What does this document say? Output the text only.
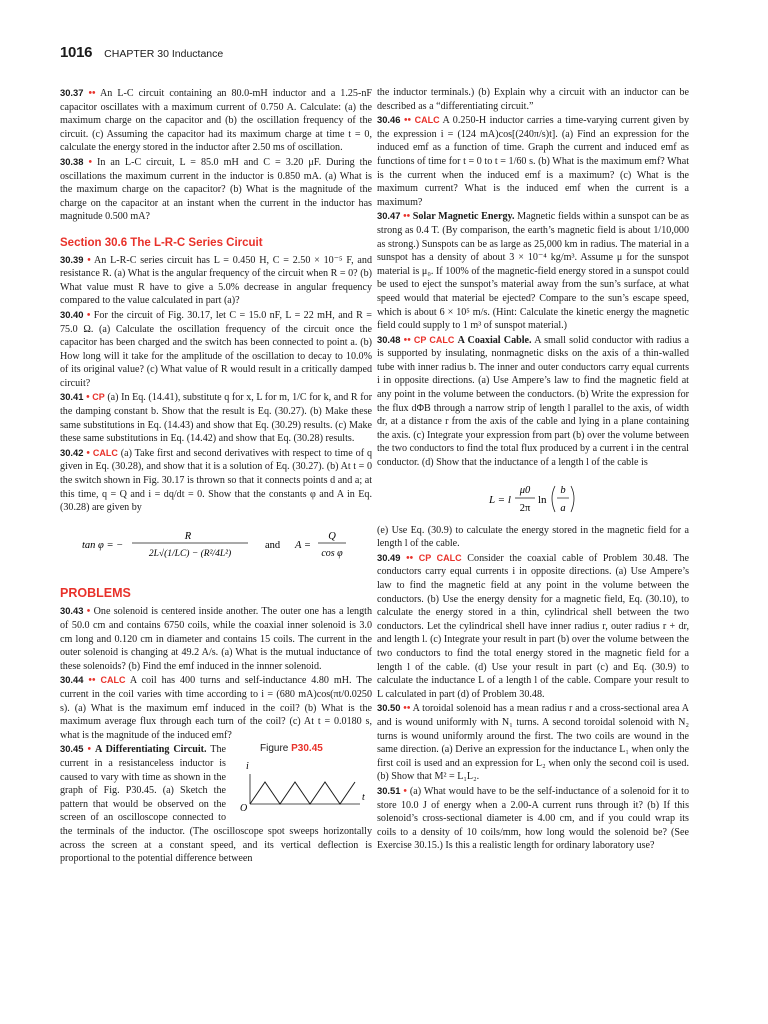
1016 CHAPTER 30 Inductance

30.37 •• An L-C circuit containing an 80.0-mH inductor and a 1.25-nF capacitor oscillates with a maximum current of 0.750 A. Calculate: (a) the maximum charge on the capacitor and (b) the oscillation frequency of the circuit. (c) Assuming the capacitor had its maximum charge at time t = 0, calculate the energy stored in the inductor after 2.50 ms of oscillation.

30.38 • In an L-C circuit, L = 85.0 mH and C = 3.20 μF. During the oscillations the maximum current in the inductor is 0.850 mA. (a) What is the maximum charge on the capacitor? (b) What is the magnitude of the charge on the capacitor at an instant when the current in the inductor has magnitude 0.500 mA?

Section 30.6 The L-R-C Series Circuit

30.39 • An L-R-C series circuit has L = 0.450 H, C = 2.50 × 10⁻⁵ F, and resistance R. (a) What is the angular frequency of the circuit when R = 0? (b) What value must R have to give a 5.0% decrease in angular frequency compared to the value calculated in part (a)?

30.40 • For the circuit of Fig. 30.17, let C = 15.0 nF, L = 22 mH, and R = 75.0 Ω. (a) Calculate the oscillation frequency of the circuit once the capacitor has been charged and the switch has been connected to point a. (b) How long will it take for the amplitude of the oscillation to decay to 10.0% of its original value? (c) What value of R would result in a critically damped circuit?

30.41 • CP (a) In Eq. (14.41), substitute q for x, L for m, 1/C for k, and R for the damping constant b. Show that the result is Eq. (30.27). (b) Make these same substitutions in Eq. (14.43) and show that Eq. (30.29) results. (c) Make these same substitutions in Eq. (14.42) and show that Eq. (30.28) results.

30.42 • CALC (a) Take first and second derivatives with respect to time of q given in Eq. (30.28), and show that it is a solution of Eq. (30.27). (b) At t = 0 the switch shown in Fig. 30.17 is thrown so that it connects points d and a; at this time, q = Q and i = dq/dt = 0. Show that the constants φ and A in Eq. (30.28) are given by

tan φ = −
R
2L√(1/LC) − (R²/4L²)
and A =
Q
cos φ
PROBLEMS

30.43 • One solenoid is centered inside another. The outer one has a length of 50.0 cm and contains 6750 coils, while the coaxial inner solenoid is 3.0 cm long and 0.120 cm in diameter and contains 15 coils. The current in the outer solenoid is changing at 49.2 A/s. (a) What is the mutual inductance of these solenoids? (b) Find the emf induced in the innner solenoid.

30.44 •• CALC A coil has 400 turns and self-inductance 4.80 mH. The current in the coil varies with time according to i = (680 mA)cos(πt/0.0250 s). (a) What is the maximum emf induced in the coil? (b) What is the maximum average flux through each turn of the coil? (c) At t = 0.0180 s, what is the magnitude of the induced emf?

Figure P30.45
i
O
t

30.45 • A Differentiating Circuit. The current in a resistanceless inductor is caused to vary with time as shown in the graph of Fig. P30.45. (a) Sketch the pattern that would be observed on the screen of an oscilloscope connected to the terminals of the inductor. (The oscilloscope spot sweeps horizontally across the screen at a constant speed, and its vertical deflection is proportional to the potential difference between

the inductor terminals.) (b) Explain why a circuit with an inductor can be described as a “differentiating circuit.”

30.46 •• CALC A 0.250-H inductor carries a time-varying current given by the expression i = (124 mA)cos[(240π/s)t]. (a) Find an expression for the induced emf as a function of time. Graph the current and induced emf as functions of time for t = 0 to t = 1/60 s. (b) What is the maximum emf? What is the current when the induced emf is a maximum? (c) What is the maximum current? What is the induced emf when the current is a maximum?

30.47 •• Solar Magnetic Energy. Magnetic fields within a sunspot can be as strong as 0.4 T. (By comparison, the earth’s magnetic field is about 1/10,000 as strong.) Sunspots can be as large as 25,000 km in radius. The material in a sunspot has a density of about 3 × 10⁻⁴ kg/m³. Assume μ for the sunspot material is μ₀. If 100% of the magnetic-field energy stored in a sunspot could be used to eject the sunspot’s material away from the sun’s surface, at what speed would that material be ejected? Compare to the sun’s escape speed, which is about 6 × 10⁵ m/s. (Hint: Calculate the kinetic energy the magnetic field could supply to 1 m³ of sunspot material.)

30.48 •• CP CALC A Coaxial Cable. A small solid conductor with radius a is supported by insulating, nonmagnetic disks on the axis of a thin-walled tube with inner radius b. The inner and outer conductors carry equal currents i in opposite directions. (a) Use Ampere’s law to find the magnetic field at any point in the volume between the conductors. (b) Write the expression for the flux dΦB through a narrow strip of length l parallel to the axis, of width dr, at a distance r from the axis of the cable and lying in a plane containing the axis. (c) Integrate your expression from part (b) over the volume between the two conductors to find the total flux produced by a current i in the central conductor. (d) Show that the inductance of a length l of the cable is

L = l
μ0
2π
ln
b
a

(e) Use Eq. (30.9) to calculate the energy stored in the magnetic field for a length l of the cable.

30.49 •• CP CALC Consider the coaxial cable of Problem 30.48. The conductors carry equal currents i in opposite directions. (a) Use Ampere’s law to find the magnetic field at any point in the volume between the conductors. (b) Use the energy density for a magnetic field, Eq. (30.10), to calculate the energy stored in a thin, cylindrical shell between the two conductors. Let the cylindrical shell have inner radius r, outer radius r + dr, and length l. (c) Integrate your result in part (b) over the volume between the two conductors to find the total energy stored in the magnetic field for a length l of the cable. (d) Use your result in part (c) and Eq. (30.9) to calculate the inductance L of a length l of the cable. Compare your result to L calculated in part (d) of Problem 30.48.

30.50 •• A toroidal solenoid has a mean radius r and a cross-sectional area A and is wound uniformly with N₁ turns. A second toroidal solenoid with N₂ turns is wound uniformly around the first. The two coils are wound in the same direction. (a) Derive an expression for the inductance L₁ when only the first coil is used and an expression for L₂ when only the second coil is used. (b) Show that M² = L₁L₂.

30.51 • (a) What would have to be the self-inductance of a solenoid for it to store 10.0 J of energy when a 2.00-A current runs through it? (b) If this solenoid’s cross-sectional diameter is 4.00 cm, and if you could wrap its coils to a density of 10 coils/mm, how long would the solenoid be? (See Exercise 30.15.) Is this a realistic length for ordinary laboratory use?
